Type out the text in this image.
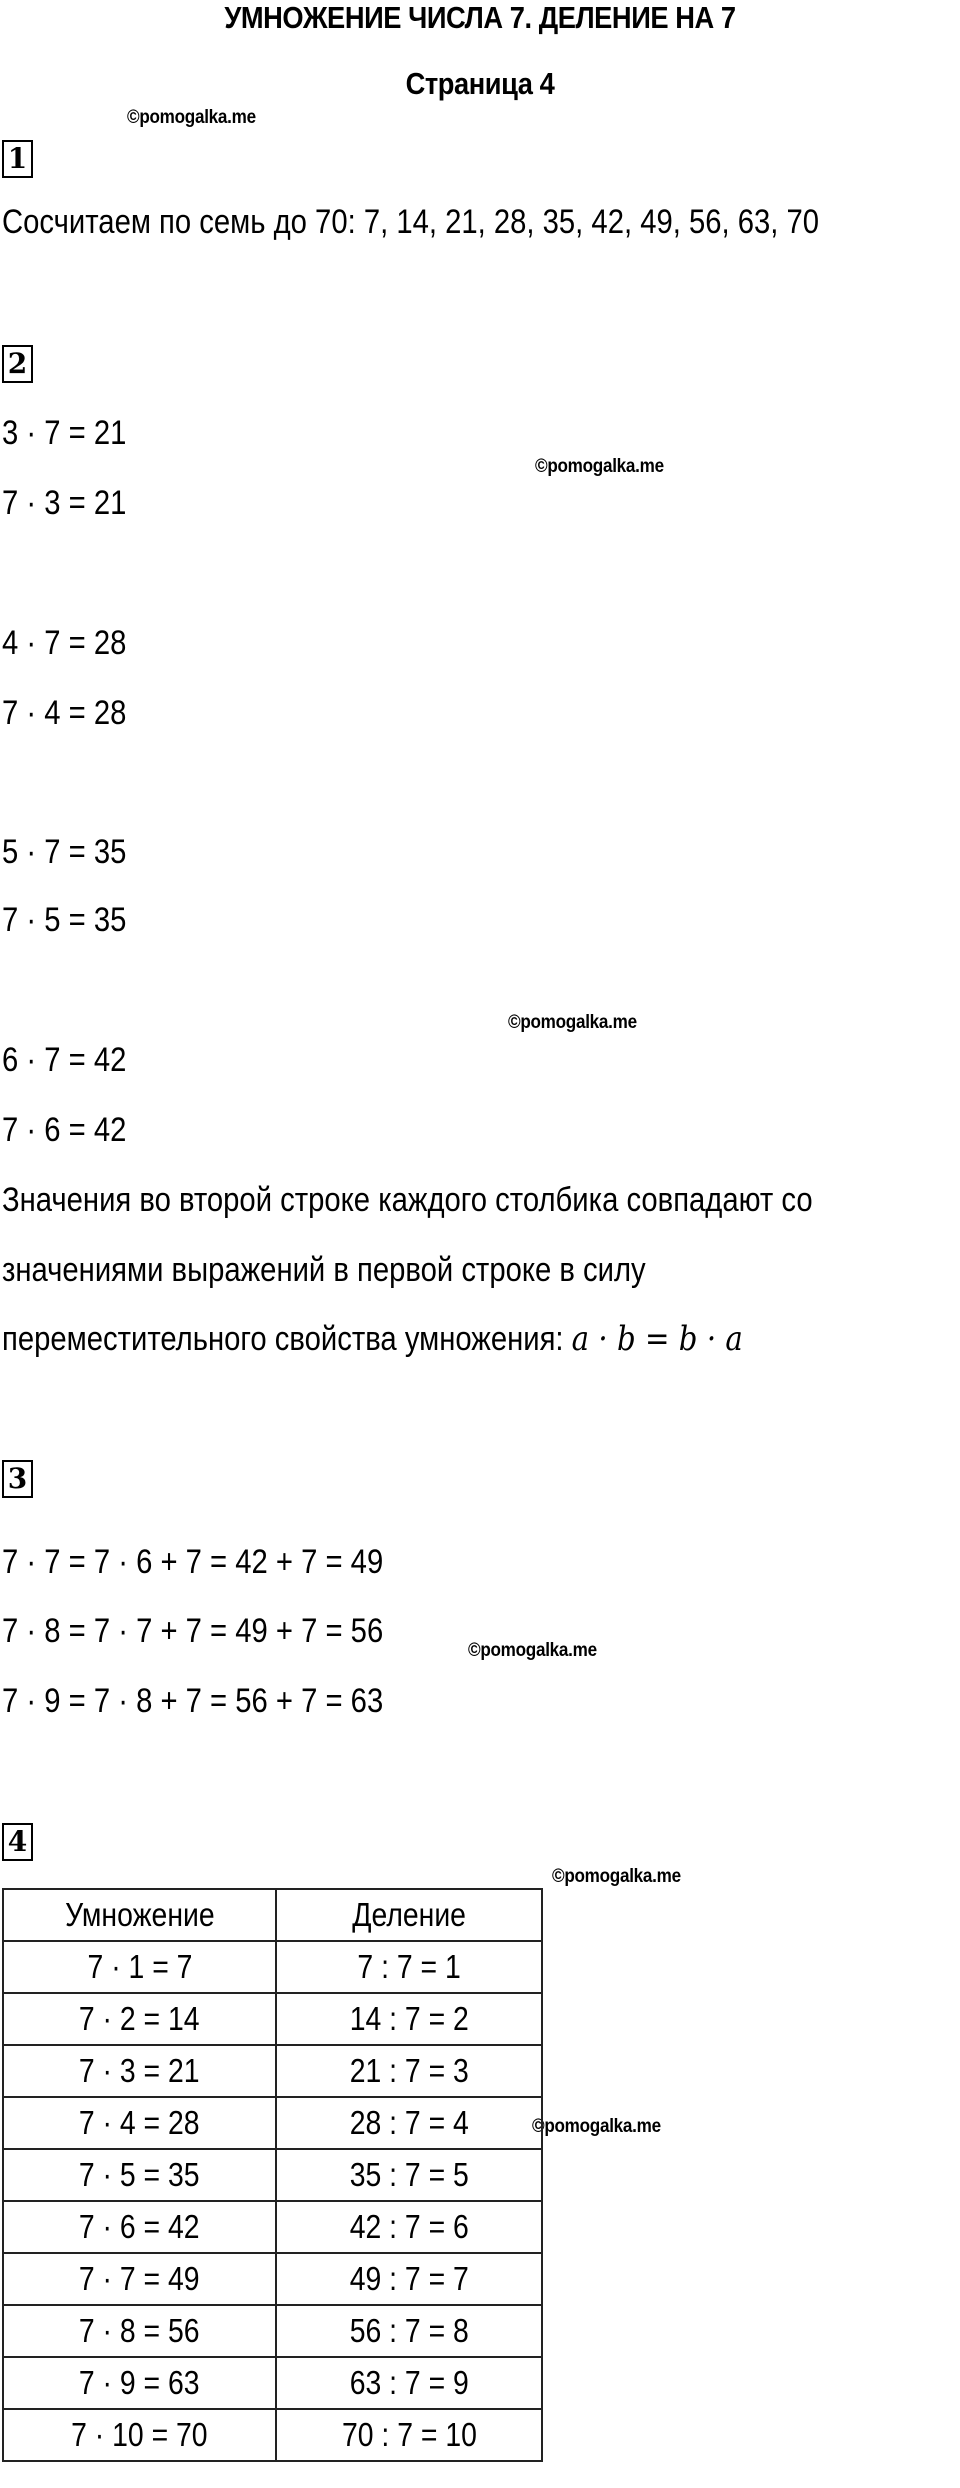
УМНОЖЕНИЕ ЧИСЛА 7. ДЕЛЕНИЕ НА 7
Страница 4
©pomogalka.me
1
Сосчитаем по семь до 70: 7, 14, 21, 28, 35, 42, 49, 56, 63, 70
2
3 · 7 = 21
©pomogalka.me
7 · 3 = 21
4 · 7 = 28
7 · 4 = 28
5 · 7 = 35
7 · 5 = 35
©pomogalka.me
6 · 7 = 42
7 · 6 = 42
Значения во второй строке каждого столбика совпадают со
значениями выражений в первой строке в силу
переместительного свойства умножения: a · b = b · a
3
7 · 7 = 7 · 6 + 7 = 42 + 7 = 49
7 · 8 = 7 · 7 + 7 = 49 + 7 = 56
©pomogalka.me
7 · 9 = 7 · 8 + 7 = 56 + 7 = 63
4
©pomogalka.me
©pomogalka.me
Умножение	Деление
7 · 1 = 7	7 : 7 = 1
7 · 2 = 14	14 : 7 = 2
7 · 3 = 21	21 : 7 = 3
7 · 4 = 28	28 : 7 = 4
7 · 5 = 35	35 : 7 = 5
7 · 6 = 42	42 : 7 = 6
7 · 7 = 49	49 : 7 = 7
7 · 8 = 56	56 : 7 = 8
7 · 9 = 63	63 : 7 = 9
7 · 10 = 70	70 : 7 = 10
